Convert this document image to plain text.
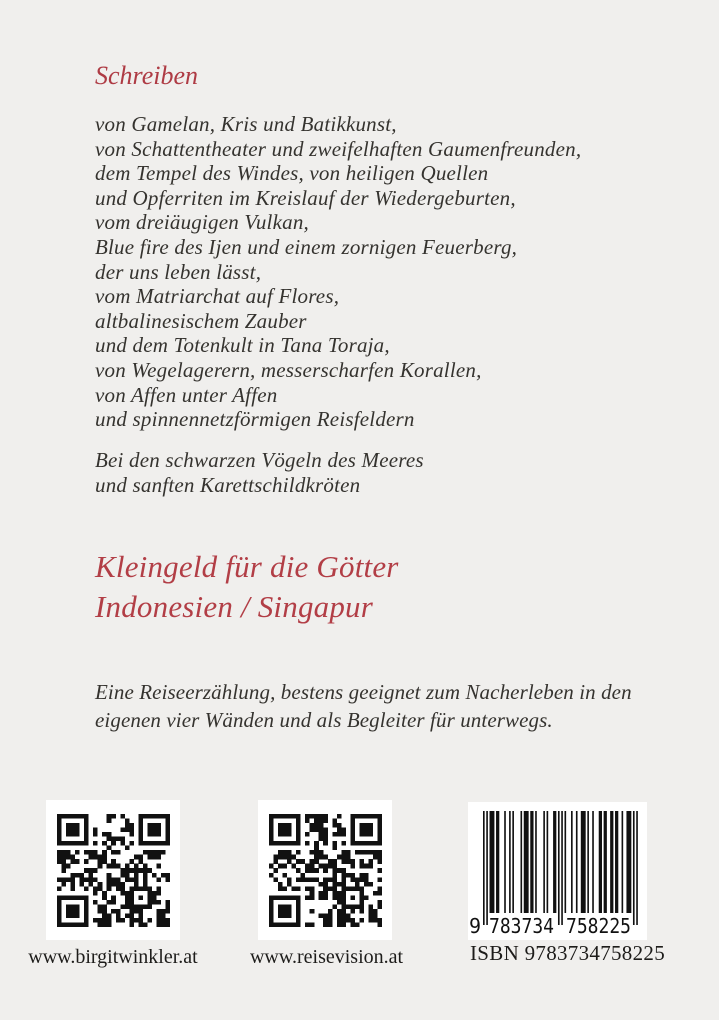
Schreiben
von Gamelan, Kris und Batikkunst,
von Schattentheater und zweifelhaften Gaumenfreunden,
dem Tempel des Windes, von heiligen Quellen
und Opferriten im Kreislauf der Wiedergeburten,
vom dreiäugigen Vulkan,
Blue fire des Ijen und einem zornigen Feuerberg,
der uns leben lässt,
vom Matriarchat auf Flores,
altbalinesischem Zauber
und dem Totenkult in Tana Toraja,
von Wegelagerern, messerscharfen Korallen,
von Affen unter Affen
und spinnennetzförmigen Reisfeldern
Bei den schwarzen Vögeln des Meeres
und sanften Karettschildkröten
Kleingeld für die Götter
Indonesien / Singapur
Eine Reiseerzählung, bestens geeignet zum Nacherleben in den eigenen vier Wänden und als Begleiter für unterwegs.
www.birgitwinkler.at	www.reisevision.at
9 783734 758225
ISBN 9783734758225
